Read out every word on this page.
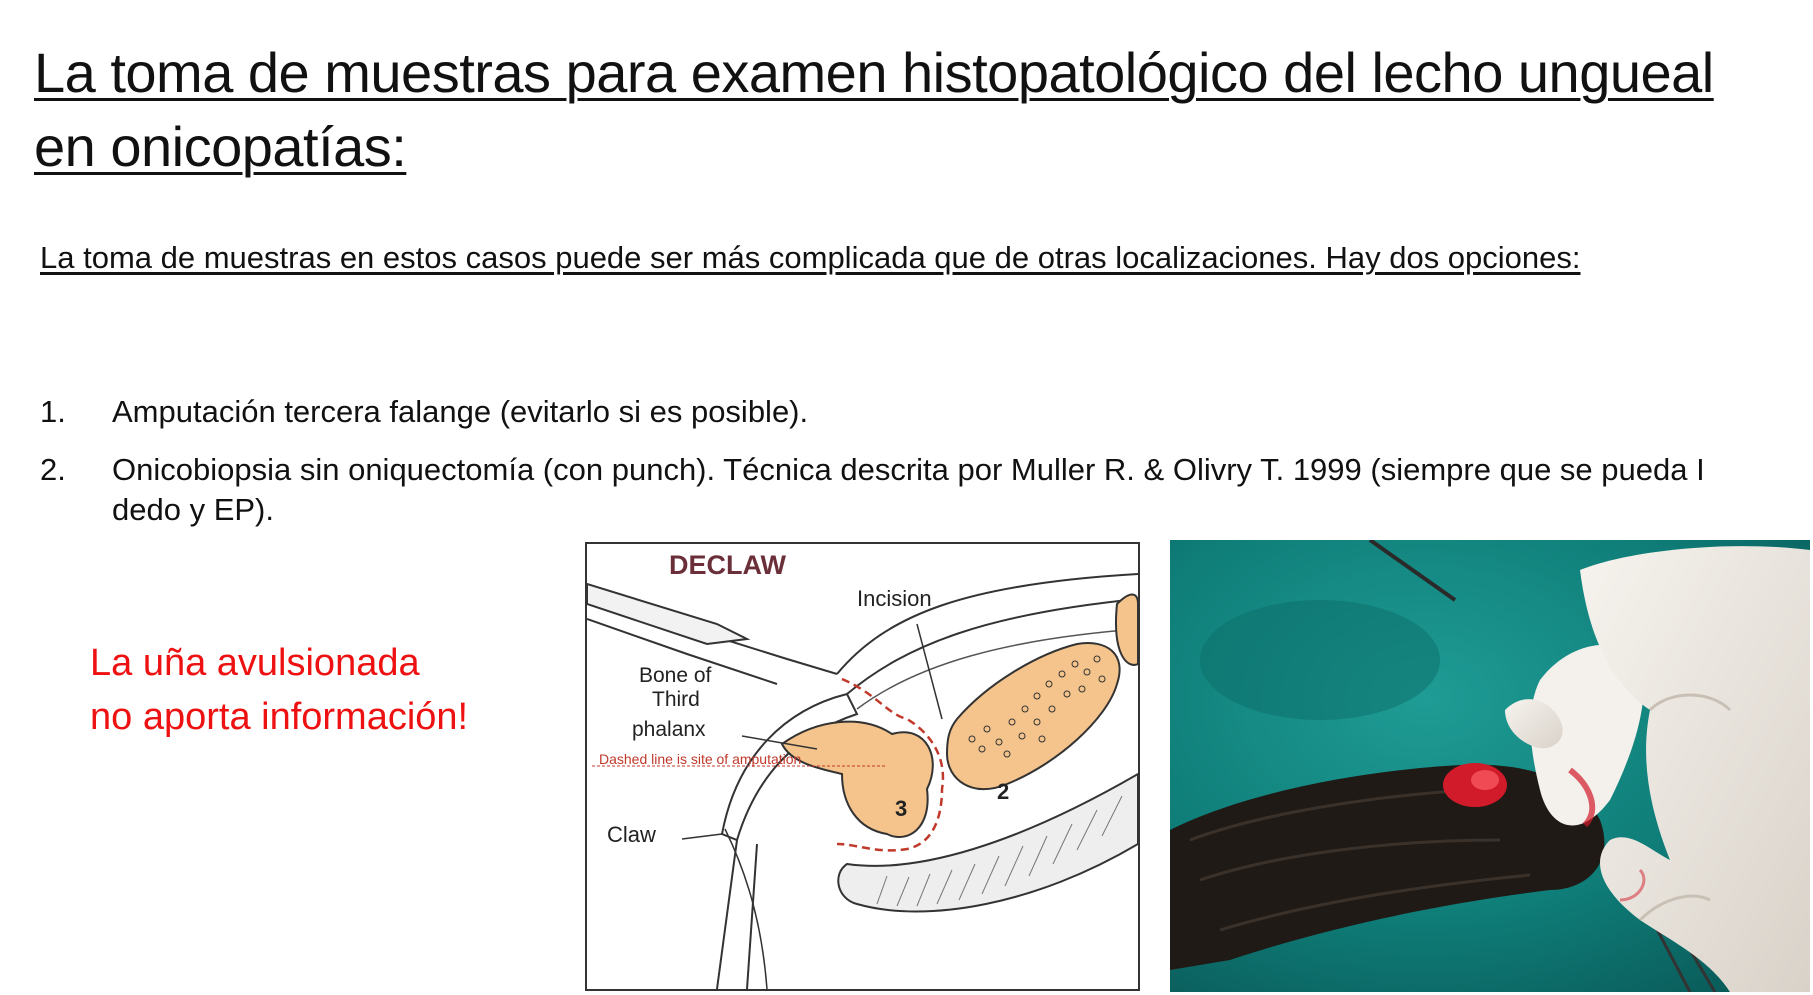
La toma de muestras para examen histopatológico del lecho ungueal en onicopatías:

La toma de muestras en estos casos puede ser más complicada que de otras localizaciones. Hay dos opciones:

1.	Amputación tercera falange (evitarlo si es posible).
2.	Onicobiopsia sin oniquectomía (con punch). Técnica descrita por Muller R. & Olivry T. 1999 (siempre que se pueda I dedo y EP).

La uña avulsionada
no aporta información!

DECLAW
Incision
Bone of
Third
phalanx
Dashed line is site of amputation
Claw
3
2
